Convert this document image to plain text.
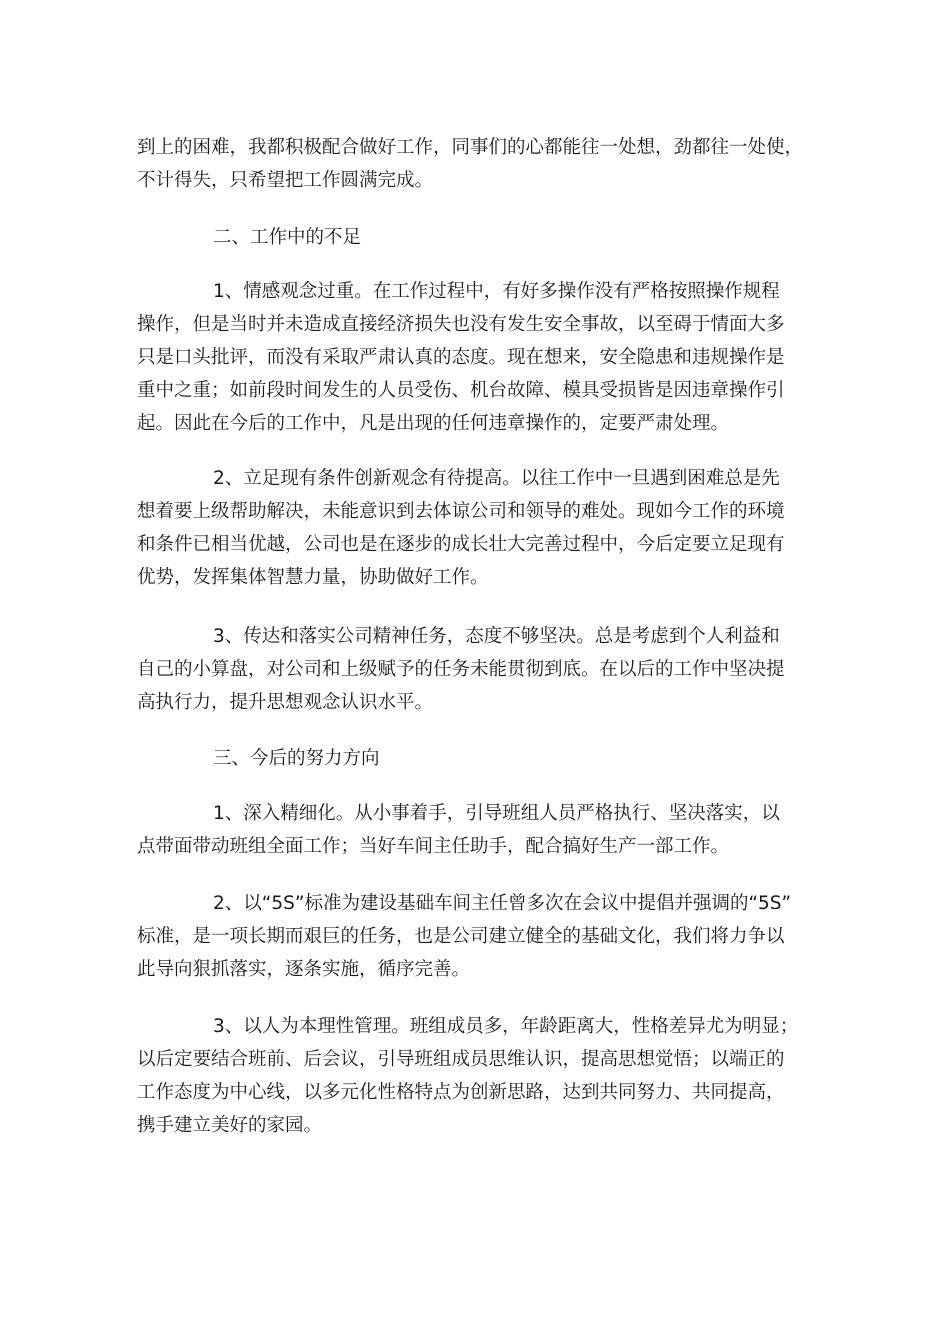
到上的困难，我都积极配合做好工作，同事们的心都能往一处想，劲都往一处使，
不计得失，只希望把工作圆满完成。

二、工作中的不足

1、情感观念过重。在工作过程中，有好多操作没有严格按照操作规程
操作，但是当时并未造成直接经济损失也没有发生安全事故，以至碍于情面大多
只是口头批评，而没有采取严肃认真的态度。现在想来，安全隐患和违规操作是
重中之重；如前段时间发生的人员受伤、机台故障、模具受损皆是因违章操作引
起。因此在今后的工作中，凡是出现的任何违章操作的，定要严肃处理。

2、立足现有条件创新观念有待提高。以往工作中一旦遇到困难总是先
想着要上级帮助解决，未能意识到去体谅公司和领导的难处。现如今工作的环境
和条件已相当优越，公司也是在逐步的成长壮大完善过程中，今后定要立足现有
优势，发挥集体智慧力量，协助做好工作。

3、传达和落实公司精神任务，态度不够坚决。总是考虑到个人利益和
自己的小算盘，对公司和上级赋予的任务未能贯彻到底。在以后的工作中坚决提
高执行力，提升思想观念认识水平。

三、今后的努力方向

1、深入精细化。从小事着手，引导班组人员严格执行、坚决落实，以
点带面带动班组全面工作；当好车间主任助手，配合搞好生产一部工作。

2、以“5S”标准为建设基础车间主任曾多次在会议中提倡并强调的“5S”
标准，是一项长期而艰巨的任务，也是公司建立健全的基础文化，我们将力争以
此导向狠抓落实，逐条实施，循序完善。

3、以人为本理性管理。班组成员多，年龄距离大，性格差异尤为明显；
以后定要结合班前、后会议，引导班组成员思维认识，提高思想觉悟；以端正的
工作态度为中心线，以多元化性格特点为创新思路，达到共同努力、共同提高，
携手建立美好的家园。
